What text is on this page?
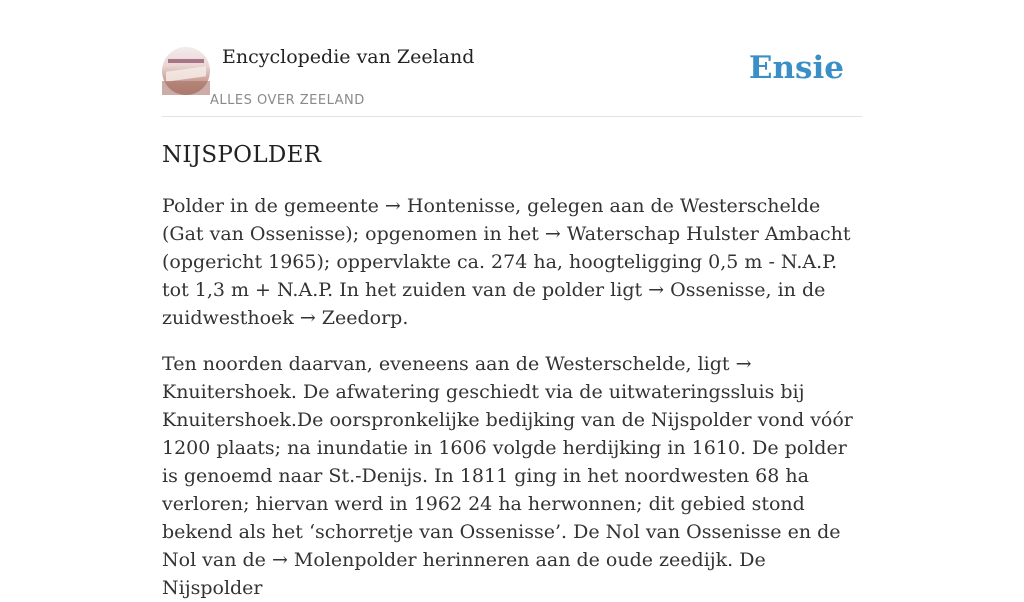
Encyclopedie van Zeeland
ALLES OVER ZEELAND
Ensie
NIJSPOLDER

Polder in de gemeente → Hontenisse, gelegen aan de Westerschelde (Gat van Ossenisse); opgenomen in het → Waterschap Hulster Ambacht (opgericht 1965); oppervlakte ca. 274 ha, hoogteligging 0,5 m - N.A.P. tot 1,3 m + N.A.P. In het zuiden van de polder ligt → Ossenisse, in de zuidwesthoek → Zeedorp.

Ten noorden daarvan, eveneens aan de Westerschelde, ligt → Knuitershoek. De afwatering geschiedt via de uitwateringssluis bij Knuitershoek.De oorspronkelijke bedijking van de Nijspolder vond vóór 1200 plaats; na inundatie in 1606 volgde herdijking in 1610. De polder is genoemd naar St.-Denijs. In 1811 ging in het noordwesten 68 ha verloren; hiervan werd in 1962 24 ha herwonnen; dit gebied stond bekend als het ‘schorretje van Ossenisse’. De Nol van Ossenisse en de Nol van de → Molenpolder herinneren aan de oude zeedijk. De Nijspolder
